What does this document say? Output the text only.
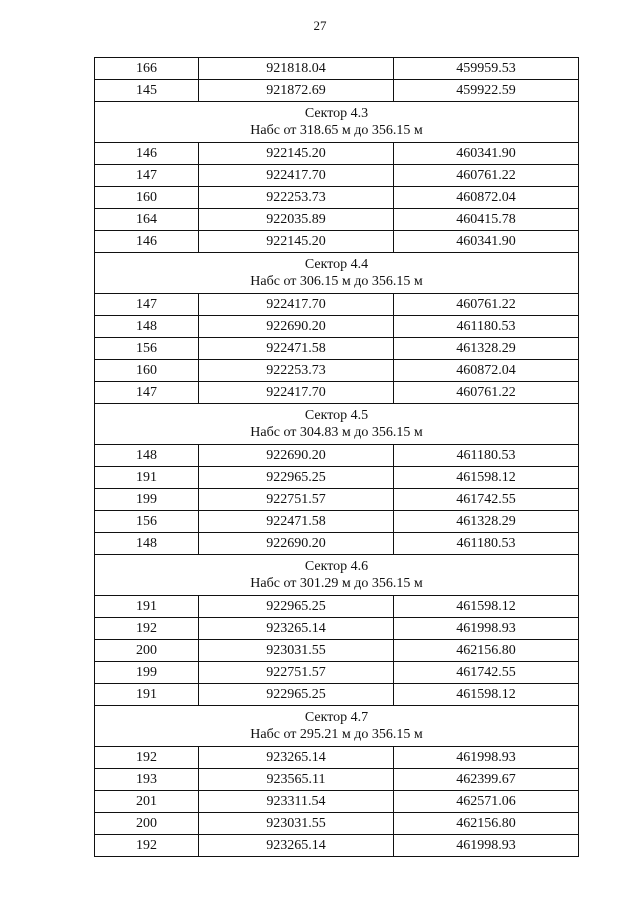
27
166	921818.04	459959.53
145	921872.69	459922.59

Сектор 4.3
Набс от 318.65 м до 356.15 м		

146	922145.20	460341.90
147	922417.70	460761.22
160	922253.73	460872.04
164	922035.89	460415.78
146	922145.20	460341.90

Сектор 4.4
Набс от 306.15 м до 356.15 м		

147	922417.70	460761.22
148	922690.20	461180.53
156	922471.58	461328.29
160	922253.73	460872.04
147	922417.70	460761.22

Сектор 4.5
Набс от 304.83 м до 356.15 м		

148	922690.20	461180.53
191	922965.25	461598.12
199	922751.57	461742.55
156	922471.58	461328.29
148	922690.20	461180.53

Сектор 4.6
Набс от 301.29 м до 356.15 м		

191	922965.25	461598.12
192	923265.14	461998.93
200	923031.55	462156.80
199	922751.57	461742.55
191	922965.25	461598.12

Сектор 4.7
Набс от 295.21 м до 356.15 м		

192	923265.14	461998.93
193	923565.11	462399.67
201	923311.54	462571.06
200	923031.55	462156.80
192	923265.14	461998.93
